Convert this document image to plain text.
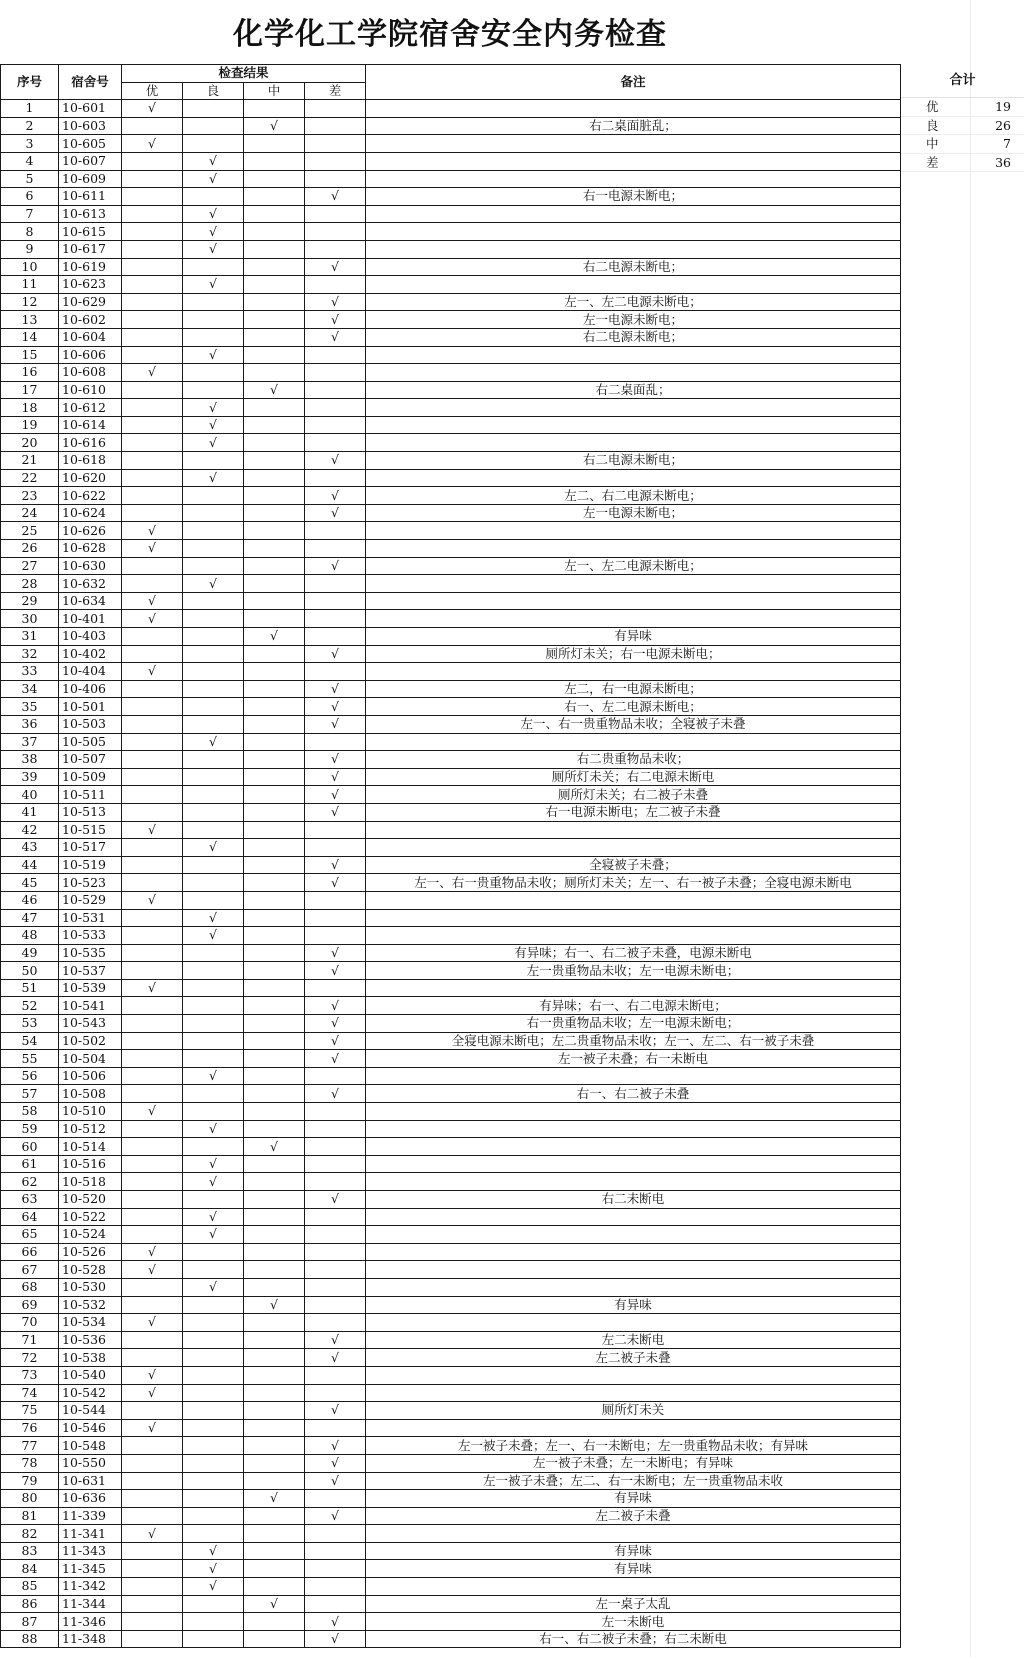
化学化工学院宿舍安全内务检查
序号	宿舍号	检查结果				备注
		优	良	中	差	
1	10-601	√				
2	10-603			√		右二桌面脏乱；
3	10-605	√				
4	10-607		√			
5	10-609		√			
6	10-611				√	右一电源未断电；
7	10-613		√			
8	10-615		√			
9	10-617		√			
10	10-619				√	右二电源未断电；
11	10-623		√			
12	10-629				√	左一、左二电源未断电；
13	10-602				√	左一电源未断电；
14	10-604				√	右二电源未断电；
15	10-606		√			
16	10-608	√				
17	10-610			√		右二桌面乱；
18	10-612		√			
19	10-614		√			
20	10-616		√			
21	10-618				√	右二电源未断电；
22	10-620		√			
23	10-622				√	左二、右二电源未断电；
24	10-624				√	左一电源未断电；
25	10-626	√				
26	10-628	√				
27	10-630				√	左一、左二电源未断电；
28	10-632		√			
29	10-634	√				
30	10-401	√				
31	10-403			√		有异味
32	10-402				√	厕所灯未关；右一电源未断电；
33	10-404	√				
34	10-406				√	左二，右一电源未断电；
35	10-501				√	右一、左二电源未断电；
36	10-503				√	左一、右一贵重物品未收；全寝被子未叠
37	10-505		√			
38	10-507				√	右二贵重物品未收；
39	10-509				√	厕所灯未关；右二电源未断电
40	10-511				√	厕所灯未关；右二被子未叠
41	10-513				√	右一电源未断电；左二被子未叠
42	10-515	√				
43	10-517		√			
44	10-519				√	全寝被子未叠；
45	10-523				√	左一、右一贵重物品未收；厕所灯未关；左一、右一被子未叠；全寝电源未断电
46	10-529	√				
47	10-531		√			
48	10-533		√			
49	10-535				√	有异味；右一、右二被子未叠，电源未断电
50	10-537				√	左一贵重物品未收；左一电源未断电；
51	10-539	√				
52	10-541				√	有异味；右一、右二电源未断电；
53	10-543				√	右一贵重物品未收；左一电源未断电；
54	10-502				√	全寝电源未断电；左二贵重物品未收；左一、左二、右一被子未叠
55	10-504				√	左一被子未叠；右一未断电
56	10-506		√			
57	10-508				√	右一、右二被子未叠
58	10-510	√				
59	10-512		√			
60	10-514			√		
61	10-516		√			
62	10-518		√			
63	10-520				√	右二未断电
64	10-522		√			
65	10-524		√			
66	10-526	√				
67	10-528	√				
68	10-530		√			
69	10-532			√		有异味
70	10-534	√				
71	10-536				√	左二未断电
72	10-538				√	左二被子未叠
73	10-540	√				
74	10-542	√				
75	10-544				√	厕所灯未关
76	10-546	√				
77	10-548				√	左一被子未叠；左一、右一未断电；左一贵重物品未收；有异味
78	10-550				√	左一被子未叠；左一未断电；有异味
79	10-631				√	左一被子未叠；左二、右一未断电；左一贵重物品未收
80	10-636			√		有异味
81	11-339				√	左二被子未叠
82	11-341	√				
83	11-343		√			有异味
84	11-345		√			有异味
85	11-342		√			
86	11-344			√		左一桌子太乱
87	11-346				√	左一未断电
88	11-348				√	右一、右二被子未叠；右二未断电
合计
优	19
良	26
中	7
差	36
